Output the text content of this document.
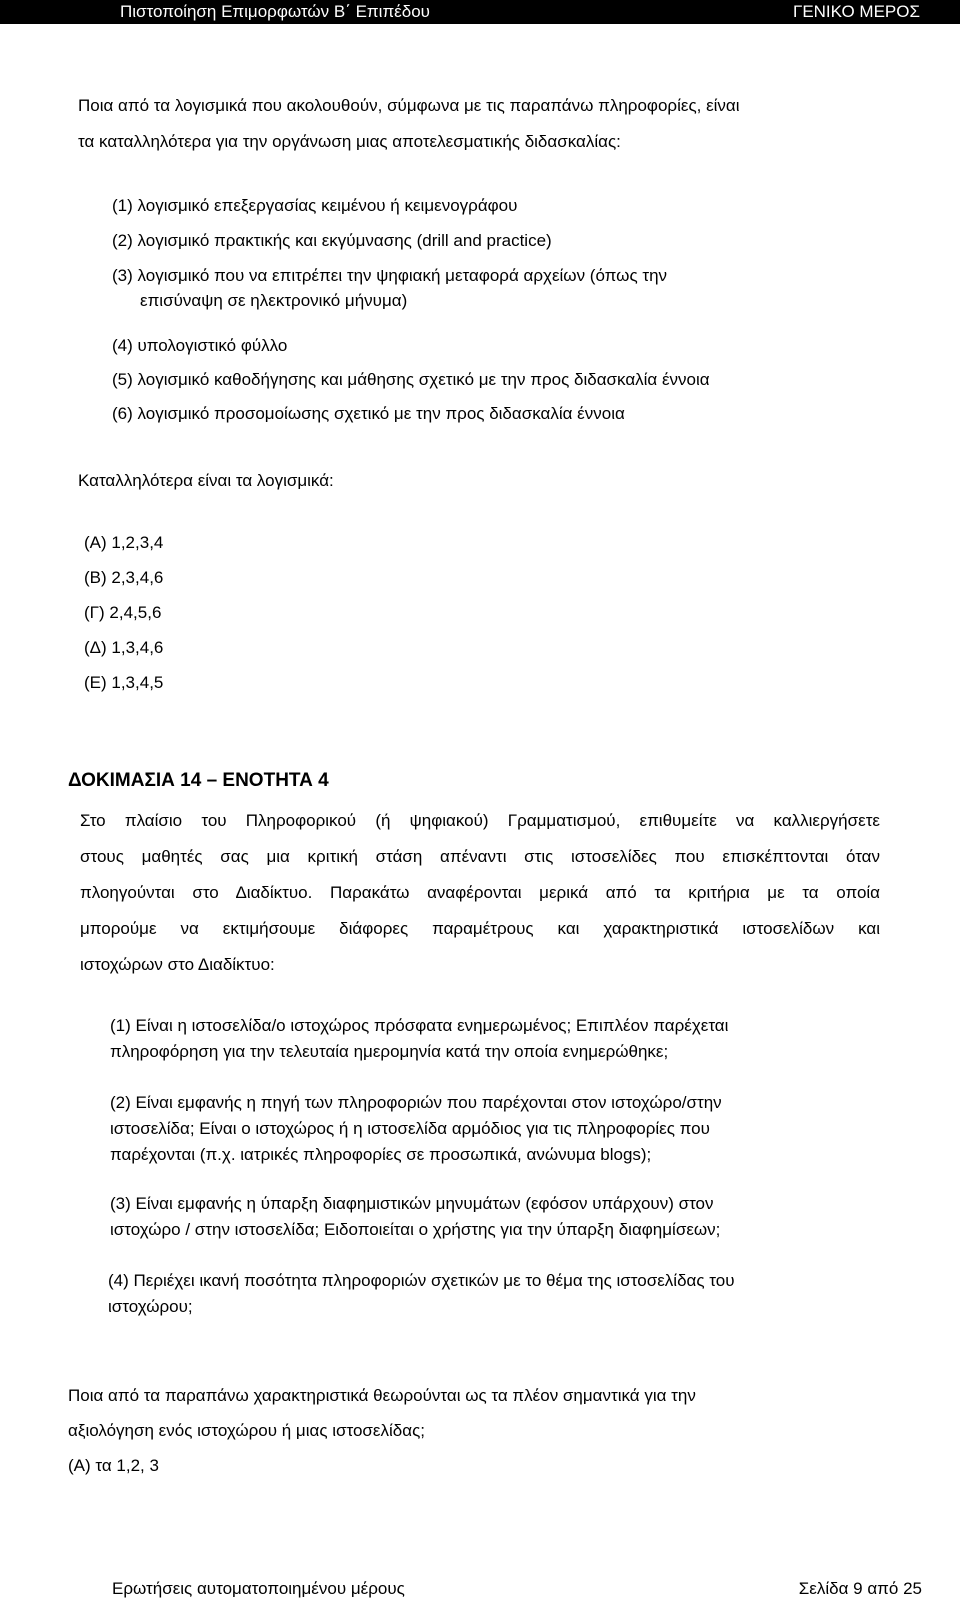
Πιστοποίηση Επιμορφωτών Β΄ Επιπέδου	ΓΕΝΙΚΟ ΜΕΡΟΣ
Ποια από τα λογισμικά που ακολουθούν, σύμφωνα με τις παραπάνω πληροφορίες, είναι
τα καταλληλότερα για την οργάνωση μιας αποτελεσματικής διδασκαλίας:
(1) λογισμικό επεξεργασίας κειμένου ή κειμενογράφου
(2) λογισμικό πρακτικής και εκγύμνασης (drill and practice)
(3) λογισμικό που να επιτρέπει την ψηφιακή μεταφορά αρχείων (όπως την
επισύναψη σε ηλεκτρονικό μήνυμα)
(4) υπολογιστικό φύλλο
(5) λογισμικό καθοδήγησης και μάθησης σχετικό με την προς διδασκαλία έννοια
(6) λογισμικό προσομοίωσης σχετικό με την προς διδασκαλία έννοια
Καταλληλότερα είναι τα λογισμικά:
(Α) 1,2,3,4
(Β) 2,3,4,6
(Γ) 2,4,5,6
(Δ) 1,3,4,6
(Ε) 1,3,4,5
ΔΟΚΙΜΑΣΙΑ 14 – ΕΝΟΤΗΤΑ 4
Στο πλαίσιο του Πληροφορικού (ή ψηφιακού) Γραμματισμού, επιθυμείτε να καλλιεργήσετε
στους μαθητές σας μια κριτική στάση απέναντι στις ιστοσελίδες που επισκέπτονται όταν
πλοηγούνται στο Διαδίκτυο. Παρακάτω αναφέρονται μερικά από τα κριτήρια με τα οποία
μπορούμε να εκτιμήσουμε διάφορες παραμέτρους και χαρακτηριστικά ιστοσελίδων και
ιστοχώρων στο Διαδίκτυο:
(1) Είναι η ιστοσελίδα/ο ιστοχώρος πρόσφατα ενημερωμένος; Επιπλέον παρέχεται
πληροφόρηση για την τελευταία ημερομηνία κατά την οποία ενημερώθηκε;
(2) Είναι εμφανής η πηγή των πληροφοριών που παρέχονται στον ιστοχώρο/στην
ιστοσελίδα; Είναι ο ιστοχώρος ή η ιστοσελίδα αρμόδιος για τις πληροφορίες που
παρέχονται (π.χ. ιατρικές πληροφορίες σε προσωπικά, ανώνυμα blogs);
(3) Είναι εμφανής η ύπαρξη διαφημιστικών μηνυμάτων (εφόσον υπάρχουν) στον
ιστοχώρο / στην ιστοσελίδα; Ειδοποιείται ο χρήστης για την ύπαρξη διαφημίσεων;
(4) Περιέχει ικανή ποσότητα πληροφοριών σχετικών με το θέμα της ιστοσελίδας του
ιστοχώρου;
Ποια από τα παραπάνω χαρακτηριστικά θεωρούνται ως τα πλέον σημαντικά για την
αξιολόγηση ενός ιστοχώρου ή μιας ιστοσελίδας;
(Α) τα 1,2, 3
Ερωτήσεις αυτοματοποιημένου μέρους	Σελίδα 9 από 25
